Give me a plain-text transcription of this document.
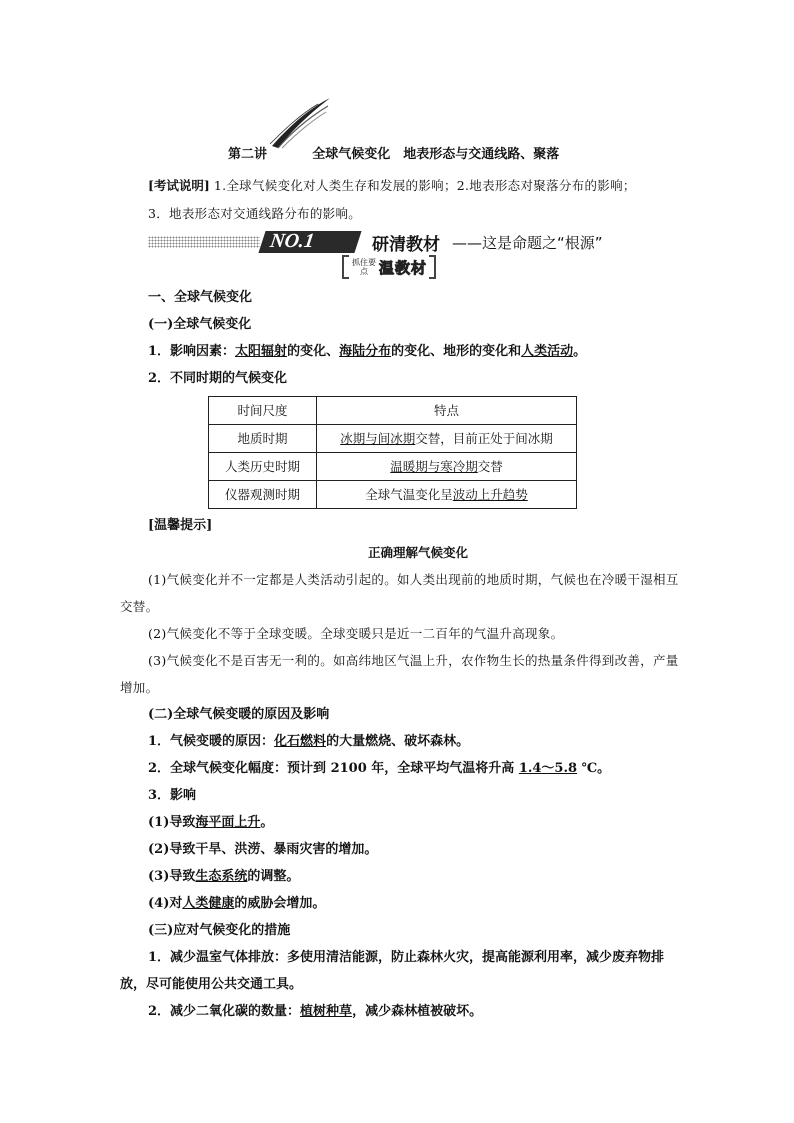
第二讲	全球气候变化　地表形态与交通线路、聚落
[考试说明] 1.全球气候变化对人类生存和发展的影响；2.地表形态对聚落分布的影响；
3．地表形态对交通线路分布的影响。
NO.1	研清教材 ——这是命题之“根源”
抓住要点 温教材

一、全球气候变化

(一)全球气候变化

1．影响因素：太阳辐射的变化、海陆分布的变化、地形的变化和人类活动。

2．不同时期的气候变化

时间尺度	特点
地质时期	冰期与间冰期交替，目前正处于间冰期
人类历史时期	温暖期与寒冷期交替
仪器观测时期	全球气温变化呈波动上升趋势

[温馨提示]

正确理解气候变化

(1)气候变化并不一定都是人类活动引起的。如人类出现前的地质时期，气候也在冷暖干湿相互交替。

(2)气候变化不等于全球变暖。全球变暖只是近一二百年的气温升高现象。

(3)气候变化不是百害无一利的。如高纬地区气温上升，农作物生长的热量条件得到改善，产量增加。

(二)全球气候变暖的原因及影响

1．气候变暖的原因：化石燃料的大量燃烧、破坏森林。

2．全球气候变化幅度：预计到 2100 年，全球平均气温将升高 1.4～5.8 ℃。

3．影响

(1)导致海平面上升。

(2)导致干旱、洪涝、暴雨灾害的增加。

(3)导致生态系统的调整。

(4)对人类健康的威胁会增加。

(三)应对气候变化的措施

1．减少温室气体排放：多使用清洁能源，防止森林火灾，提高能源利用率，减少废弃物排放，尽可能使用公共交通工具。

2．减少二氧化碳的数量：植树种草，减少森林植被破坏。
